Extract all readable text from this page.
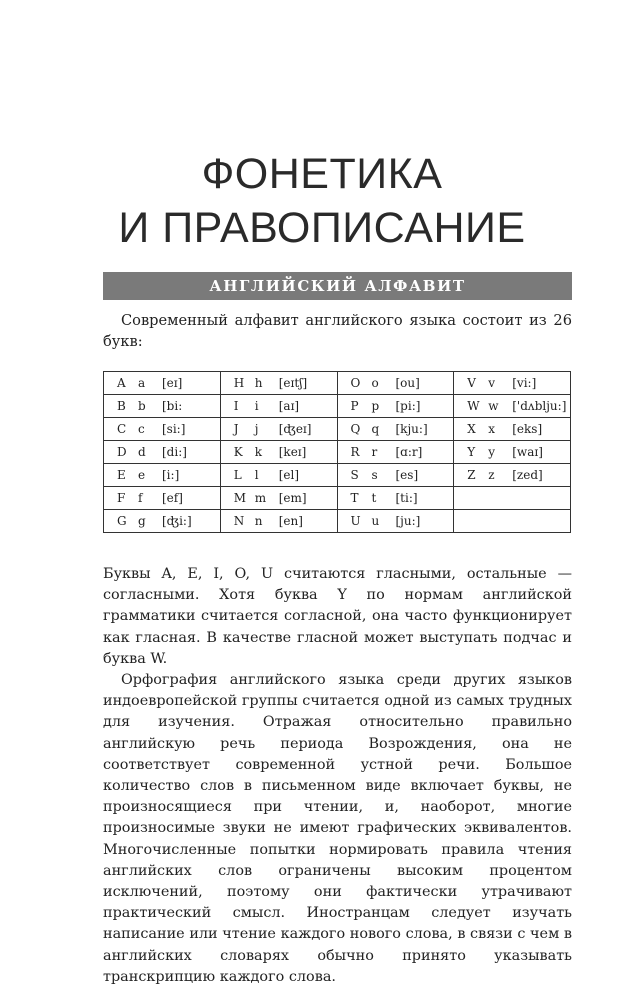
ФОНЕТИКА
И ПРАВОПИСАНИЕ
АНГЛИЙСКИЙ АЛФАВИТ

Современный алфавит английского языка состоит из 26 букв:

A a [eɪ]	H h [eɪtʃ]	O o [ou]	V v [vi:]

B b [bi:	I i [aɪ]	P p [pi:]	W w ['dʌblju:]

C c [si:]	J j [ʤeɪ]	Q q [kju:]	X x [eks]

D d [di:]	K k [keɪ]	R r [ɑ:r]	Y y [waɪ]

E e [i:]	L l [el]	S s [es]	Z z [zed]

F f [ef]	M m [em]	T t [ti:]	

G g [ʤi:]	N n [en]	U u [ju:]	

Буквы A, E, I, O, U считаются гласными, остальные — согласными. Хотя буква Y по нормам английской грамматики считается согласной, она часто функционирует как гласная. В качестве гласной может выступать подчас и буква W.

Орфография английского языка среди других языков индоевропейской группы считается одной из самых трудных для изучения. Отражая относительно правильно английскую речь периода Возрождения, она не соответствует современной устной речи. Большое количество слов в письменном виде включает буквы, не произносящиеся при чтении, и, наоборот, многие произносимые звуки не имеют графических эквивалентов. Многочисленные попытки нормировать правила чтения английских слов ограничены высоким процентом исключений, поэтому они фактически утрачивают практический смысл. Иностранцам следует изучать написание или чтение каждого нового слова, в связи с чем в английских словарях обычно принято указывать транскрипцию каждого слова.
